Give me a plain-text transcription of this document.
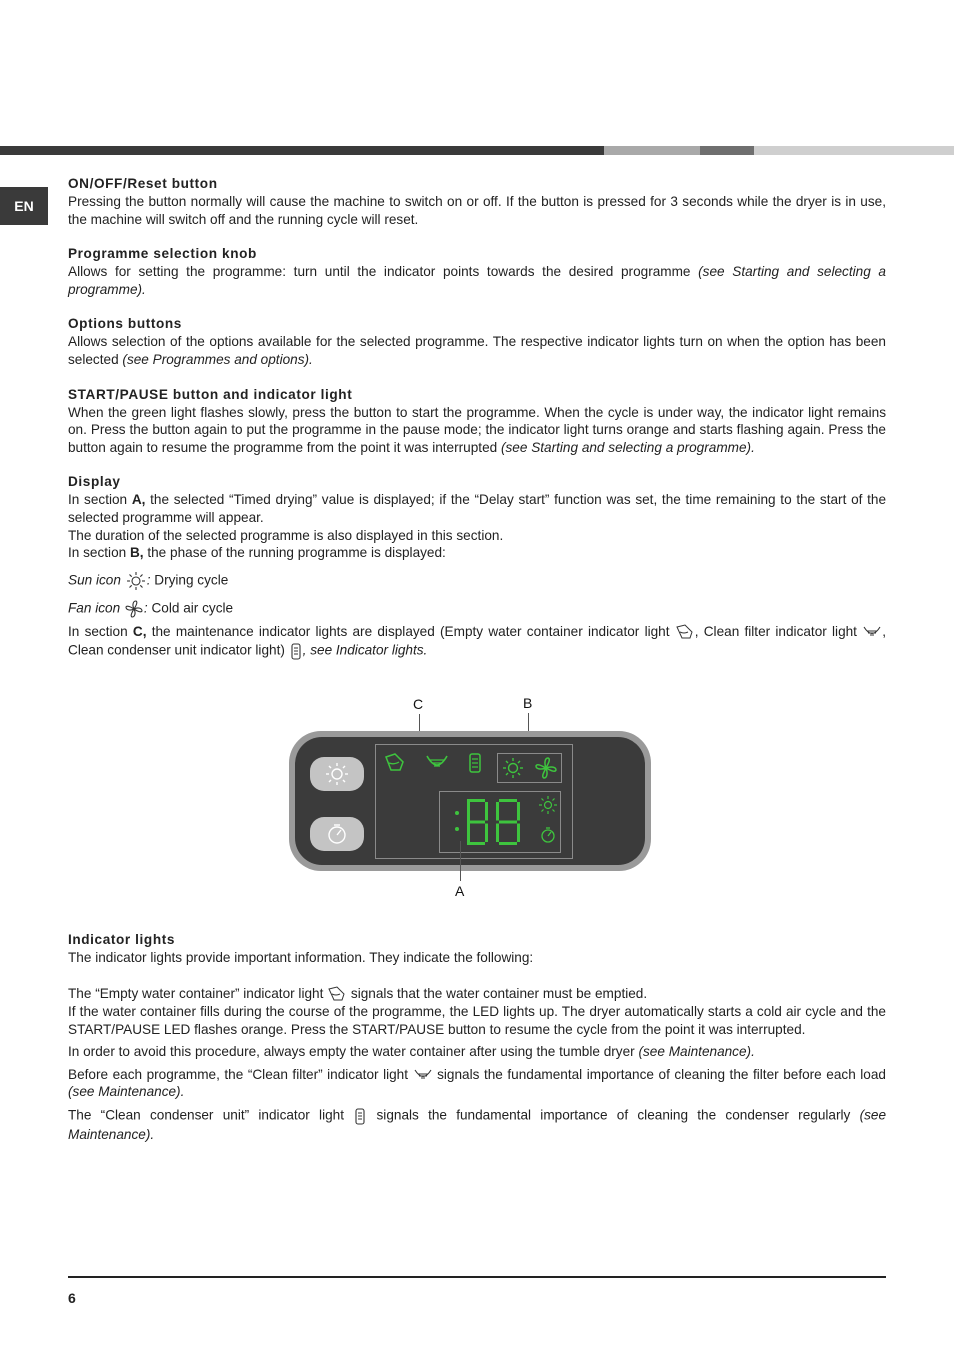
EN
ON/OFF/Reset button

Pressing the button normally will cause the machine to switch on or off. If the button is pressed for 3 seconds while the dryer is in use, the machine will switch off and the running cycle will reset.

Programme selection knob

Allows for setting the programme: turn until the indicator points towards the desired programme (see Starting and selecting a programme).

Options buttons

Allows selection of the options available for the selected programme. The respective indicator lights turn on when the option has been selected (see Programmes and options).

START/PAUSE button and indicator light

When the green light flashes slowly, press the button to start the programme. When the cycle is under way, the indicator light remains on. Press the button again to put the programme in the pause mode; the indicator light turns orange and starts flashing again. Press the button again to resume the programme from the point it was interrupted (see Starting and selecting a programme).

Display

In section A, the selected “Timed drying” value is displayed; if the “Delay start” function was set, the time remaining to the start of the selected programme will appear.

The duration of the selected programme is also displayed in this section.

In section B, the phase of the running programme is displayed:

Sun icon : Drying cycle

Fan icon : Cold air cycle

In section C, the maintenance indicator lights are displayed (Empty water container indicator light , Clean filter indicator light , Clean condenser unit indicator light) , see Indicator lights.

C	B
A
Indicator lights

The indicator lights provide important information. They indicate the following:

The “Empty water container” indicator light  signals that the water container must be emptied.

If the water container fills during the course of the programme, the LED lights up. The dryer automatically starts a cold air cycle and the START/PAUSE LED flashes orange. Press the START/PAUSE button to resume the cycle from the point it was interrupted.

In order to avoid this procedure, always empty the water container after using the tumble dryer (see Maintenance).

Before each programme, the “Clean filter” indicator light  signals the fundamental importance of cleaning the filter before each load (see Maintenance).

The “Clean condenser unit” indicator light  signals the fundamental importance of cleaning the condenser regularly (see Maintenance).

6
